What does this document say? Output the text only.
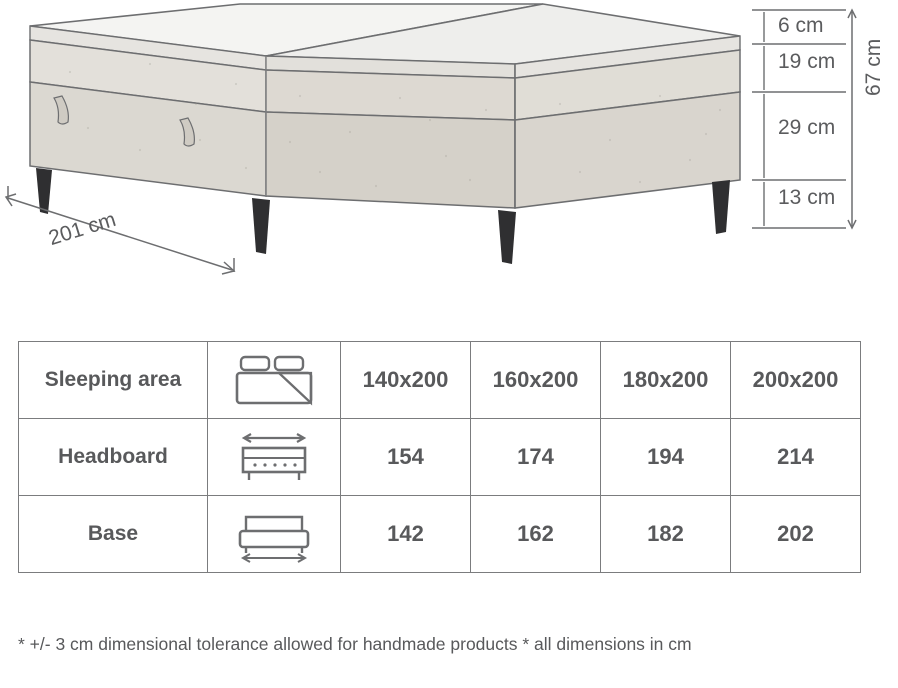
6 cm
19 cm
29 cm
13 cm
67 cm
201 cm
Sleeping area		140x200	160x200	180x200	200x200
Headboard		154	174	194	214
Base		142	162	182	202
* +/- 3 cm dimensional tolerance allowed for handmade products * all dimensions in cm
